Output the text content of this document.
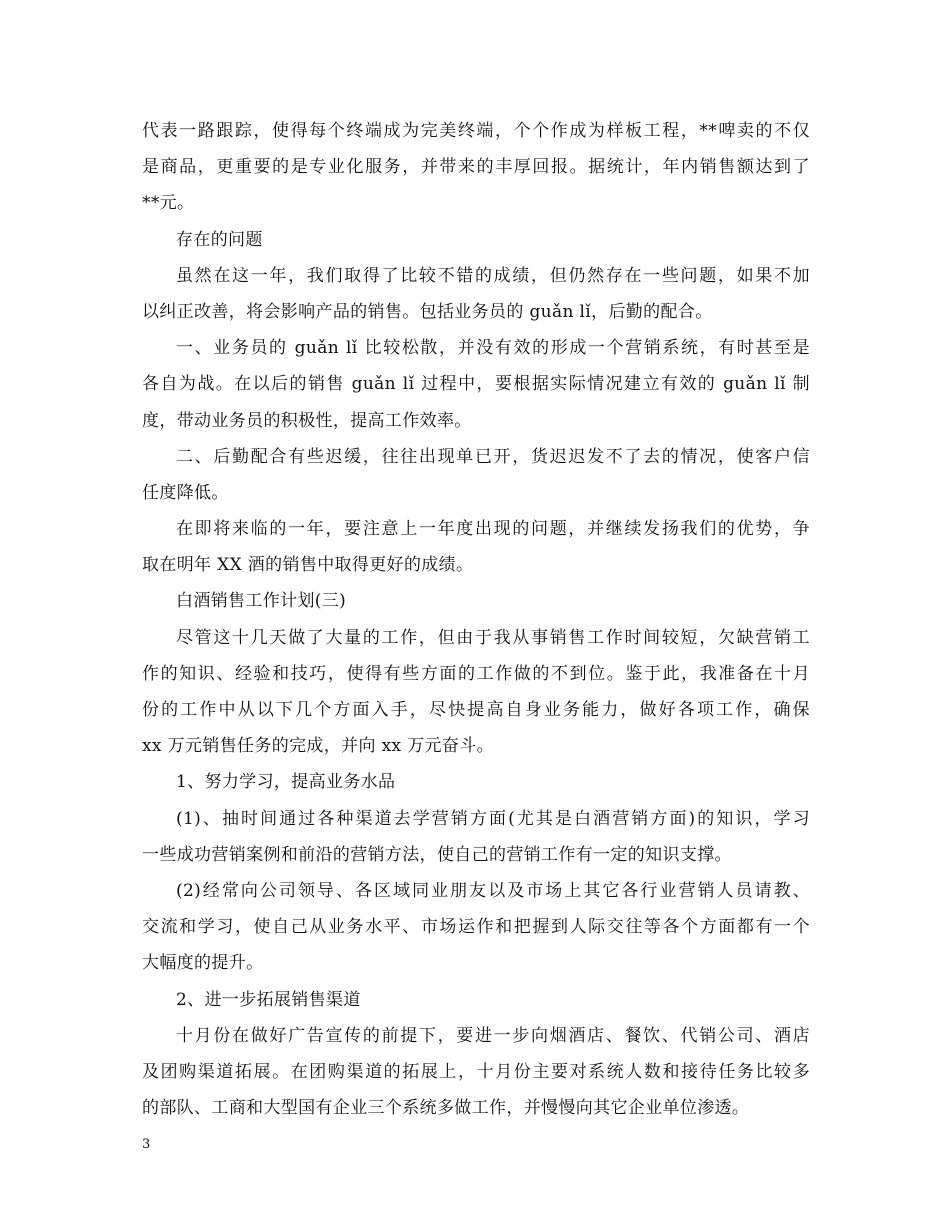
代表一路跟踪，使得每个终端成为完美终端，个个作成为样板工程，**啤卖的不仅
是商品，更重要的是专业化服务，并带来的丰厚回报。据统计，年内销售额达到了
**元。
存在的问题
虽然在这一年，我们取得了比较不错的成绩，但仍然存在一些问题，如果不加
以纠正改善，将会影响产品的销售。包括业务员的 guǎn lǐ，后勤的配合。
一、业务员的 guǎn lǐ 比较松散，并没有效的形成一个营销系统，有时甚至是
各自为战。在以后的销售 guǎn lǐ 过程中，要根据实际情况建立有效的 guǎn lǐ 制
度，带动业务员的积极性，提高工作效率。
二、后勤配合有些迟缓，往往出现单已开，货迟迟发不了去的情况，使客户信
任度降低。
在即将来临的一年，要注意上一年度出现的问题，并继续发扬我们的优势，争
取在明年 XX 酒的销售中取得更好的成绩。
白酒销售工作计划(三)
尽管这十几天做了大量的工作，但由于我从事销售工作时间较短，欠缺营销工
作的知识、经验和技巧，使得有些方面的工作做的不到位。鉴于此，我准备在十月
份的工作中从以下几个方面入手，尽快提高自身业务能力，做好各项工作，确保
xx 万元销售任务的完成，并向 xx 万元奋斗。
1、努力学习，提高业务水品
(1)、抽时间通过各种渠道去学营销方面(尤其是白酒营销方面)的知识，学习
一些成功营销案例和前沿的营销方法，使自己的营销工作有一定的知识支撑。
(2)经常向公司领导、各区域同业朋友以及市场上其它各行业营销人员请教、
交流和学习，使自己从业务水平、市场运作和把握到人际交往等各个方面都有一个
大幅度的提升。
2、进一步拓展销售渠道
十月份在做好广告宣传的前提下，要进一步向烟酒店、餐饮、代销公司、酒店
及团购渠道拓展。在团购渠道的拓展上，十月份主要对系统人数和接待任务比较多
的部队、工商和大型国有企业三个系统多做工作，并慢慢向其它企业单位渗透。
3
